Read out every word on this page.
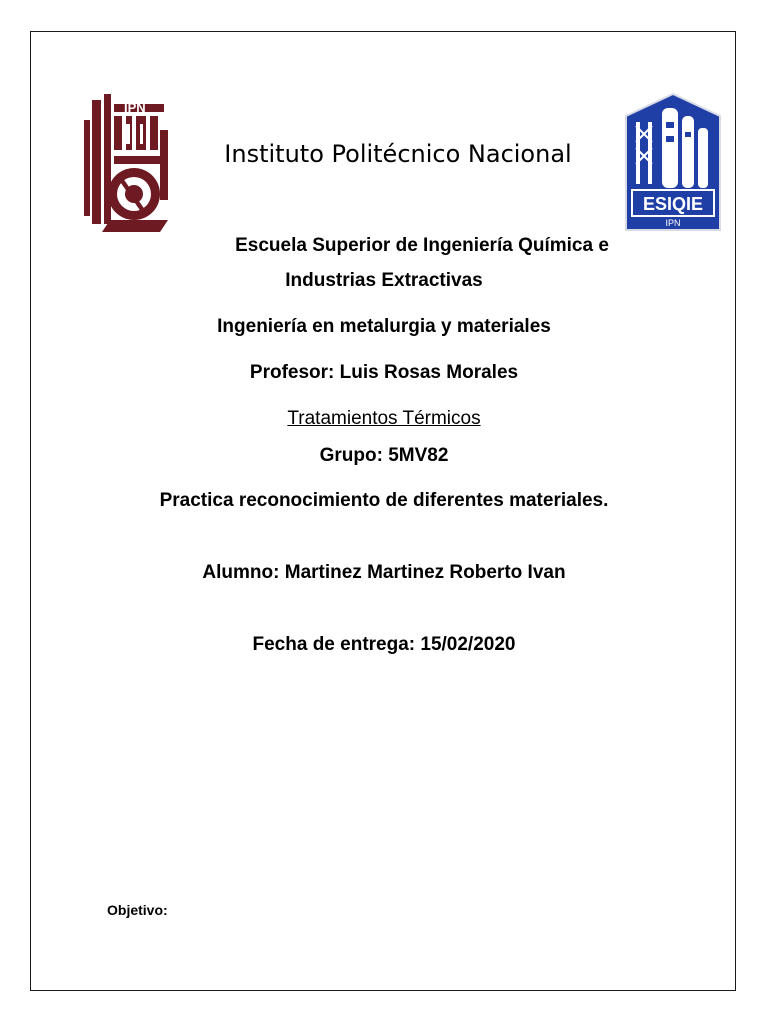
IPN
ESIQIE
IPN
Instituto Politécnico Nacional
Escuela Superior de Ingeniería Química e
Industrias Extractivas
Ingeniería en metalurgia y materiales
Profesor: Luis Rosas Morales
Tratamientos Térmicos
Grupo: 5MV82
Practica reconocimiento de diferentes materiales.
Alumno: Martinez Martinez Roberto Ivan
Fecha de entrega: 15/02/2020
Objetivo:
